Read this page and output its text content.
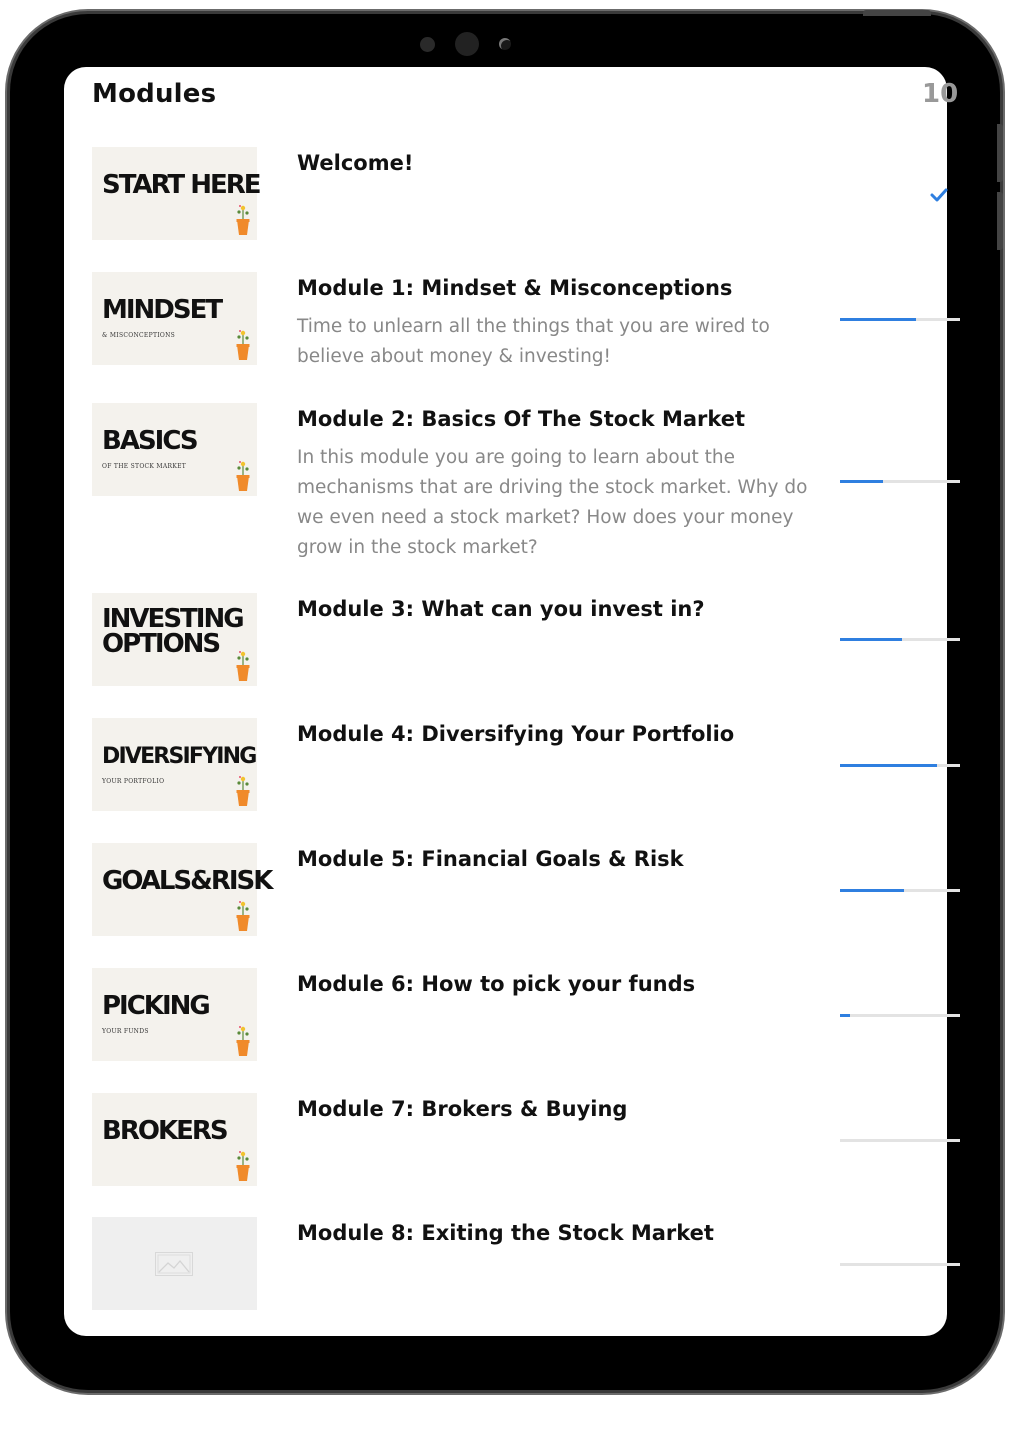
Modules	10
START HERE
Welcome!
MINDSET
& MISCONCEPTIONS
Module 1: Mindset & Misconceptions
Time to unlearn all the things that you are wired to believe about money & investing!
BASICS
OF THE STOCK MARKET
Module 2: Basics Of The Stock Market
In this module you are going to learn about the mechanisms that are driving the stock market. Why do we even need a stock market? How does your money grow in the stock market?
INVESTING
OPTIONS
Module 3: What can you invest in?
DIVERSIFYING
YOUR PORTFOLIO
Module 4: Diversifying Your Portfolio
GOALS&RISK
Module 5: Financial Goals & Risk
PICKING
YOUR FUNDS
Module 6: How to pick your funds
BROKERS
Module 7: Brokers & Buying
Module 8: Exiting the Stock Market
